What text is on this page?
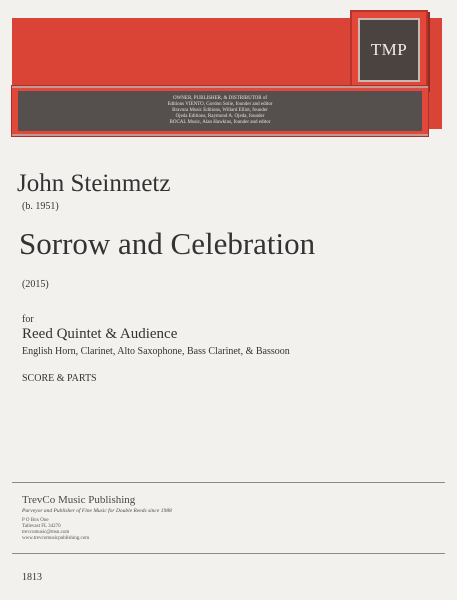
TMP
OWNER, PUBLISHER, & DISTRIBUTOR of
Editions VIENTO, Gordon Solie, founder and editor
Bravura Music Editions, Willard Elliot, founder
Ojeda Editions, Raymond A. Ojeda, founder
BOCAL Music, Alan Hawkins, founder and editor
John Steinmetz
(b. 1951)
Sorrow and Celebration
(2015)
for
Reed Quintet & Audience
English Horn, Clarinet, Alto Saxophone, Bass Clarinet, & Bassoon
SCORE & PARTS
TrevCo Music Publishing
Purveyor and Publisher of Fine Music for Double Reeds since 1988
P O Box One
Tallevast FL 34270
trevcomusic@msn.com
www.trevcomusicpublishing.com
1813
